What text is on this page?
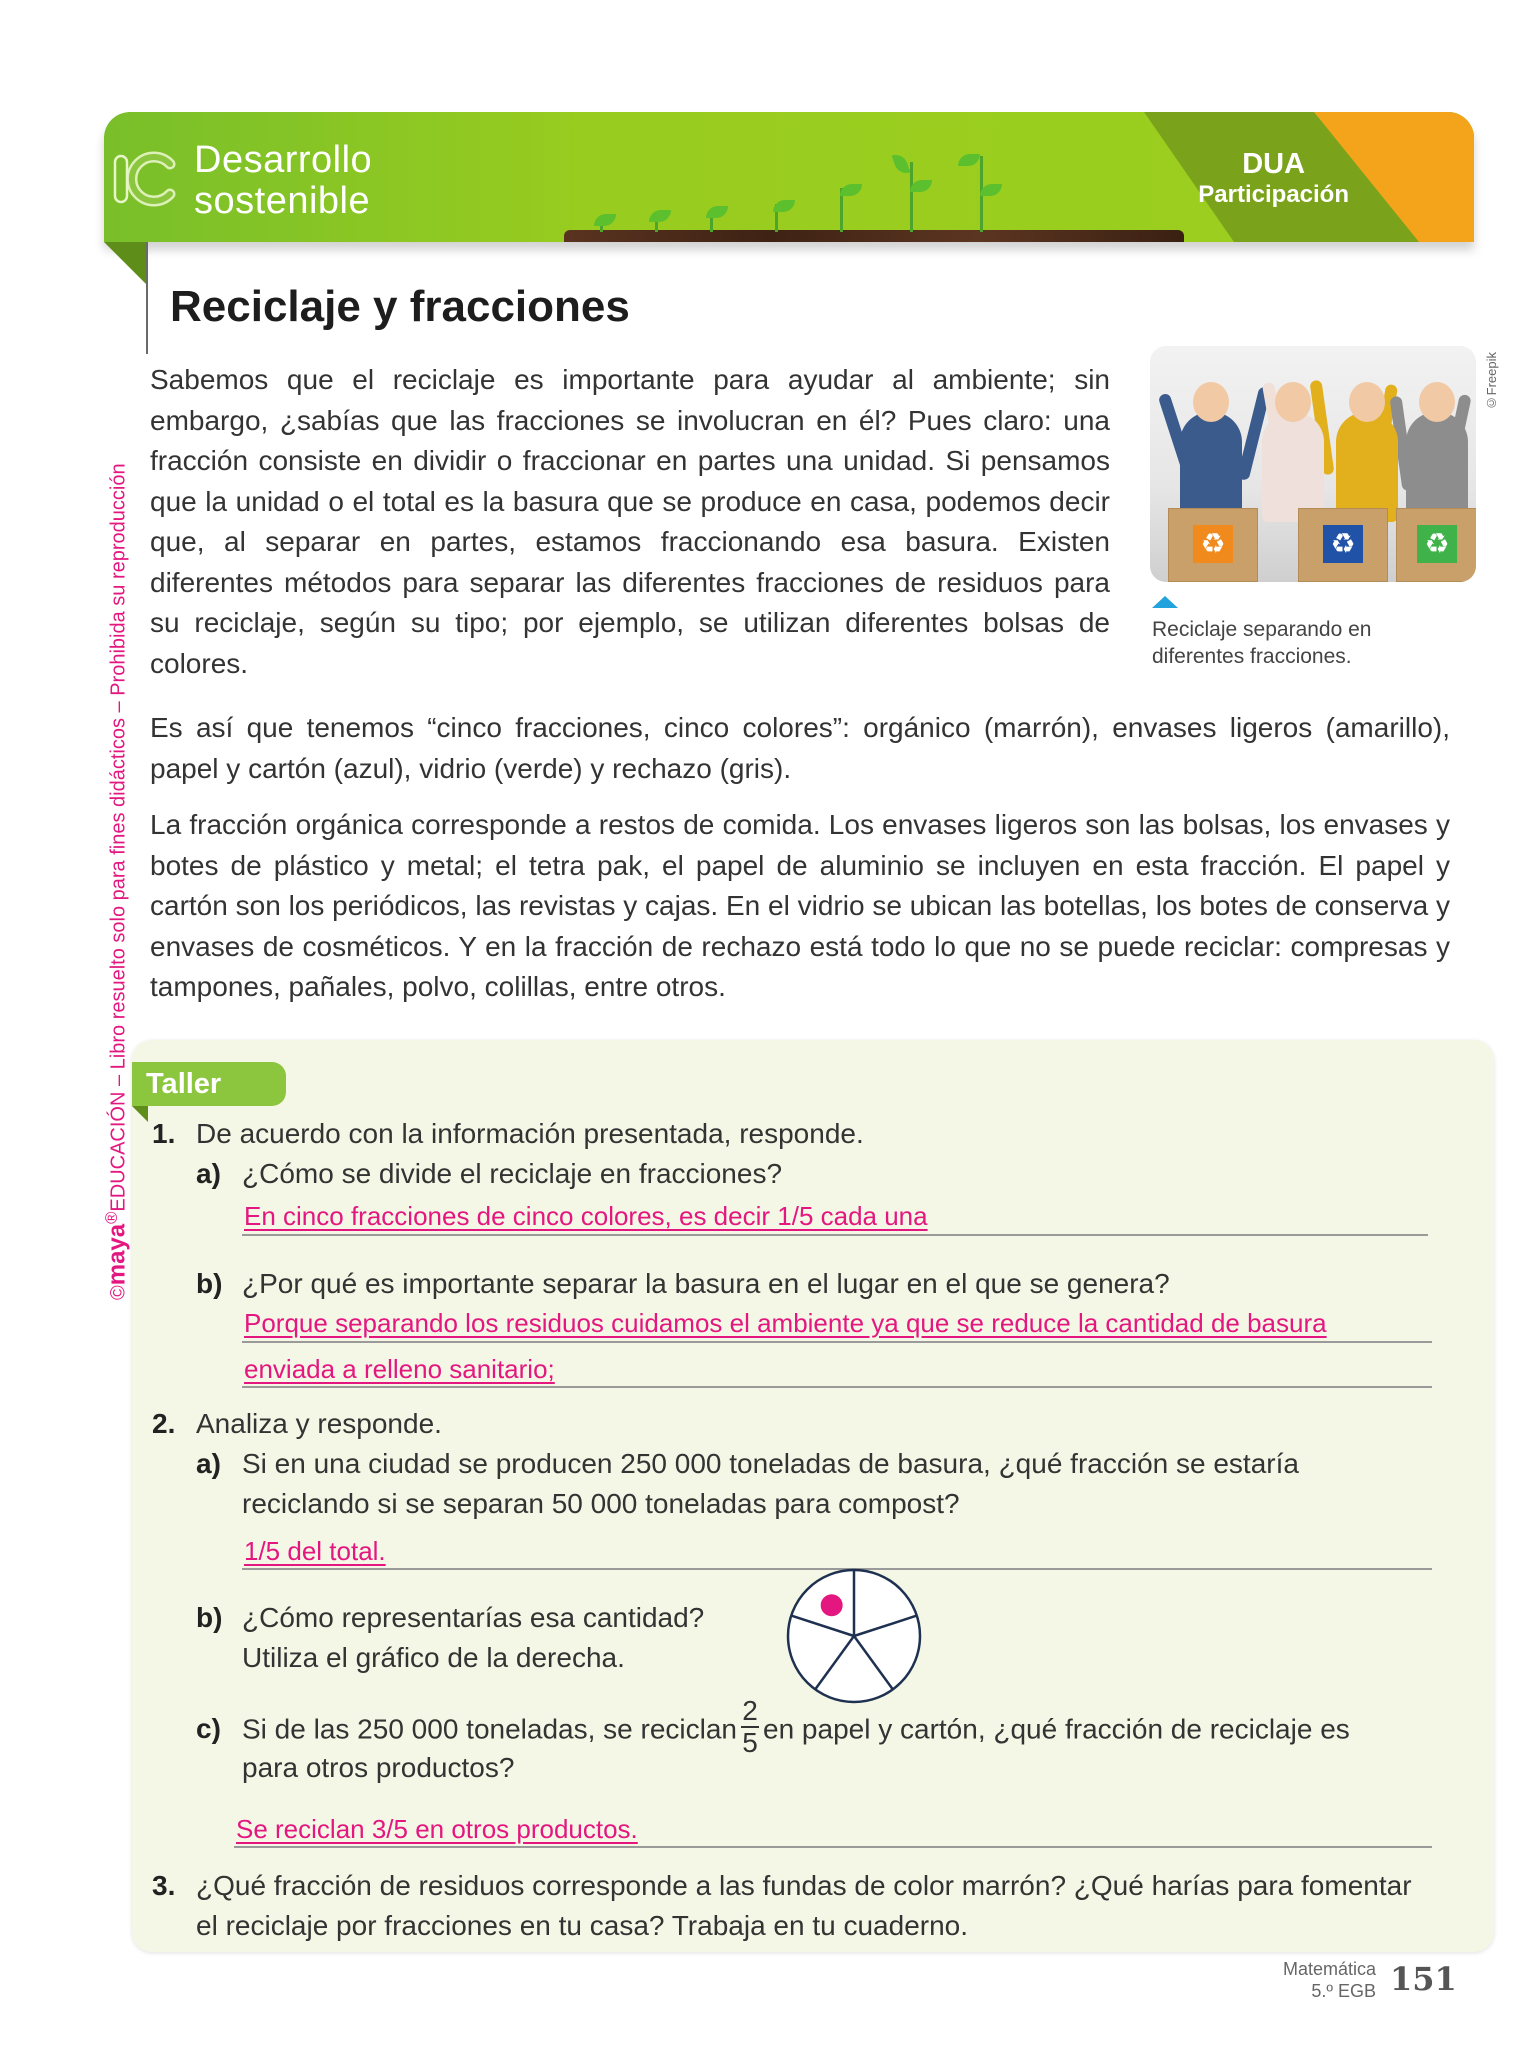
Desarrollo
sostenible
DUA
Participación
Reciclaje y fracciones
Sabemos que el reciclaje es importante para ayudar al ambiente; sin embargo, ¿sabías que las fracciones se involucran en él? Pues claro: una fracción consiste en dividir o fraccionar en partes una unidad. Si pensamos que la unidad o el total es la basura que se produce en casa, podemos decir que, al separar en partes, estamos fraccionando esa basura. Existen diferentes métodos para separar las diferentes fracciones de residuos para su reciclaje, según su tipo; por ejemplo, se utilizan diferentes bolsas de colores.
♻	♻ ♻
©Freepik
Reciclaje separando en
diferentes fracciones.
Es así que tenemos “cinco fracciones, cinco colores”: orgánico (marrón), envases ligeros (amarillo), papel y cartón (azul), vidrio (verde) y rechazo (gris).
La fracción orgánica corresponde a restos de comida. Los envases ligeros son las bolsas, los envases y botes de plástico y metal; el tetra pak, el papel de aluminio se incluyen en esta fracción. El papel y cartón son los periódicos, las revistas y cajas. En el vidrio se ubican las botellas, los botes de conserva y envases de cosméticos. Y en la fracción de rechazo está todo lo que no se puede reciclar: compresas y tampones, pañales, polvo, colillas, entre otros.
©maya®EDUCACIÓN – Libro resuelto solo para fines didácticos – Prohibida su reproducción Taller
1. De acuerdo con la información presentada, responde.
a) ¿Cómo se divide el reciclaje en fracciones?
En cinco fracciones de cinco colores, es decir 1/5 cada una
b) ¿Por qué es importante separar la basura en el lugar en el que se genera?
Porque separando los residuos cuidamos el ambiente ya que se reduce la cantidad de basura
enviada a relleno sanitario;
2. Analiza y responde.
a) Si en una ciudad se producen 250 000 toneladas de basura, ¿qué fracción se estaría
reciclando si se separan 50 000 toneladas para compost?
1/5 del total.
b) ¿Cómo representarías esa cantidad?
Utiliza el gráfico de la derecha.
c) Si de las 250 000 toneladas, se reciclan $\frac{2}{5}$ en papel y cartón, ¿qué fracción de reciclaje es
para otros productos?
Se reciclan 3/5 en otros productos.
3. ¿Qué fracción de residuos corresponde a las fundas de color marrón? ¿Qué harías para fomentar
el reciclaje por fracciones en tu casa? Trabaja en tu cuaderno.
Matemática
5.º EGB 151
